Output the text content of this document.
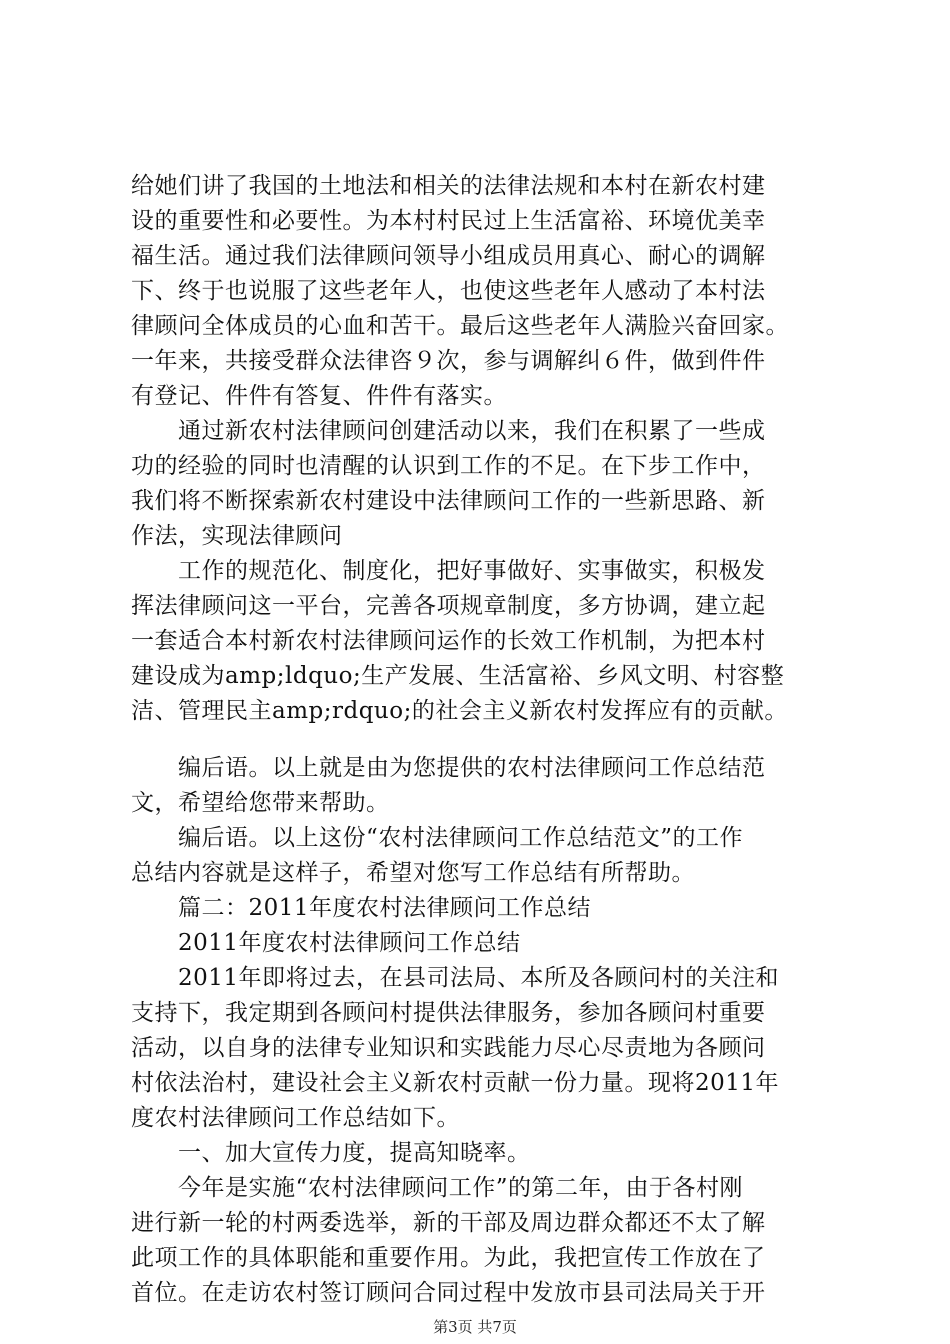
给她们讲了我国的土地法和相关的法律法规和本村在新农村建
设的重要性和必要性。为本村村民过上生活富裕、环境优美幸
福生活。通过我们法律顾问领导小组成员用真心、耐心的调解
下、终于也说服了这些老年人，也使这些老年人感动了本村法
律顾问全体成员的心血和苦干。最后这些老年人满脸兴奋回家。
一年来，共接受群众法律咨９次，参与调解纠６件，做到件件
有登记、件件有答复、件件有落实。
通过新农村法律顾问创建活动以来，我们在积累了一些成
功的经验的同时也清醒的认识到工作的不足。在下步工作中，
我们将不断探索新农村建设中法律顾问工作的一些新思路、新
作法，实现法律顾问
工作的规范化、制度化，把好事做好、实事做实，积极发
挥法律顾问这一平台，完善各项规章制度，多方协调，建立起
一套适合本村新农村法律顾问运作的长效工作机制，为把本村
建设成为amp;ldquo;生产发展、生活富裕、乡风文明、村容整
洁、管理民主amp;rdquo;的社会主义新农村发挥应有的贡献。
编后语。以上就是由为您提供的农村法律顾问工作总结范
文，希望给您带来帮助。
编后语。以上这份“农村法律顾问工作总结范文”的工作
总结内容就是这样子，希望对您写工作总结有所帮助。
篇二：2011年度农村法律顾问工作总结
2011年度农村法律顾问工作总结
2011年即将过去，在县司法局、本所及各顾问村的关注和
支持下，我定期到各顾问村提供法律服务，参加各顾问村重要
活动，以自身的法律专业知识和实践能力尽心尽责地为各顾问
村依法治村，建设社会主义新农村贡献一份力量。现将2011年
度农村法律顾问工作总结如下。
一、加大宣传力度，提高知晓率。
今年是实施“农村法律顾问工作”的第二年，由于各村刚
进行新一轮的村两委选举，新的干部及周边群众都还不太了解
此项工作的具体职能和重要作用。为此，我把宣传工作放在了
首位。在走访农村签订顾问合同过程中发放市县司法局关于开
第3页 共7页
